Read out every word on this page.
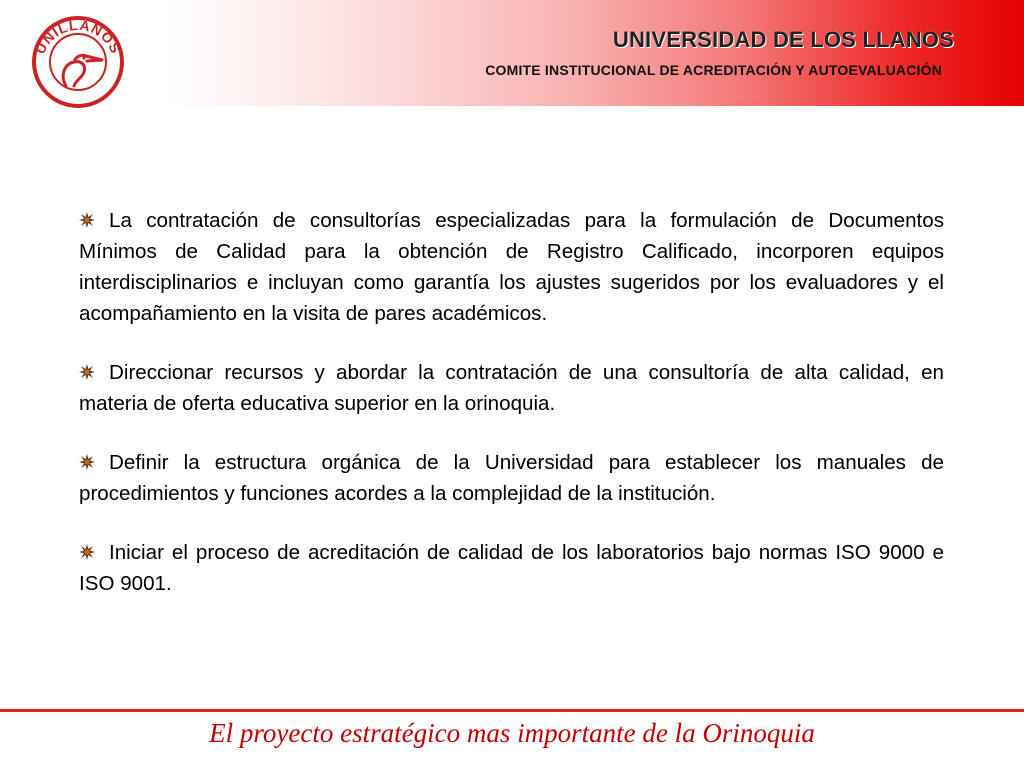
UNILLANOS	UNIVERSIDAD DE LOS LLANOS
COMITE INSTITUCIONAL DE ACREDITACIÓN Y AUTOEVALUACIÓN

La contratación de consultorías especializadas para la formulación de Documentos Mínimos de Calidad para la obtención de Registro Calificado, incorporen equipos interdisciplinarios e incluyan como garantía los ajustes sugeridos por los evaluadores y el acompañamiento en la visita de pares académicos.

Direccionar recursos y abordar la contratación de una consultoría de alta calidad, en materia de oferta educativa superior en la orinoquia.

Definir la estructura orgánica de la Universidad para establecer los manuales de procedimientos y funciones acordes a la complejidad de la institución.

Iniciar el proceso de acreditación de calidad de los laboratorios bajo normas ISO 9000 e ISO 9001.

El proyecto estratégico mas importante de la Orinoquia
